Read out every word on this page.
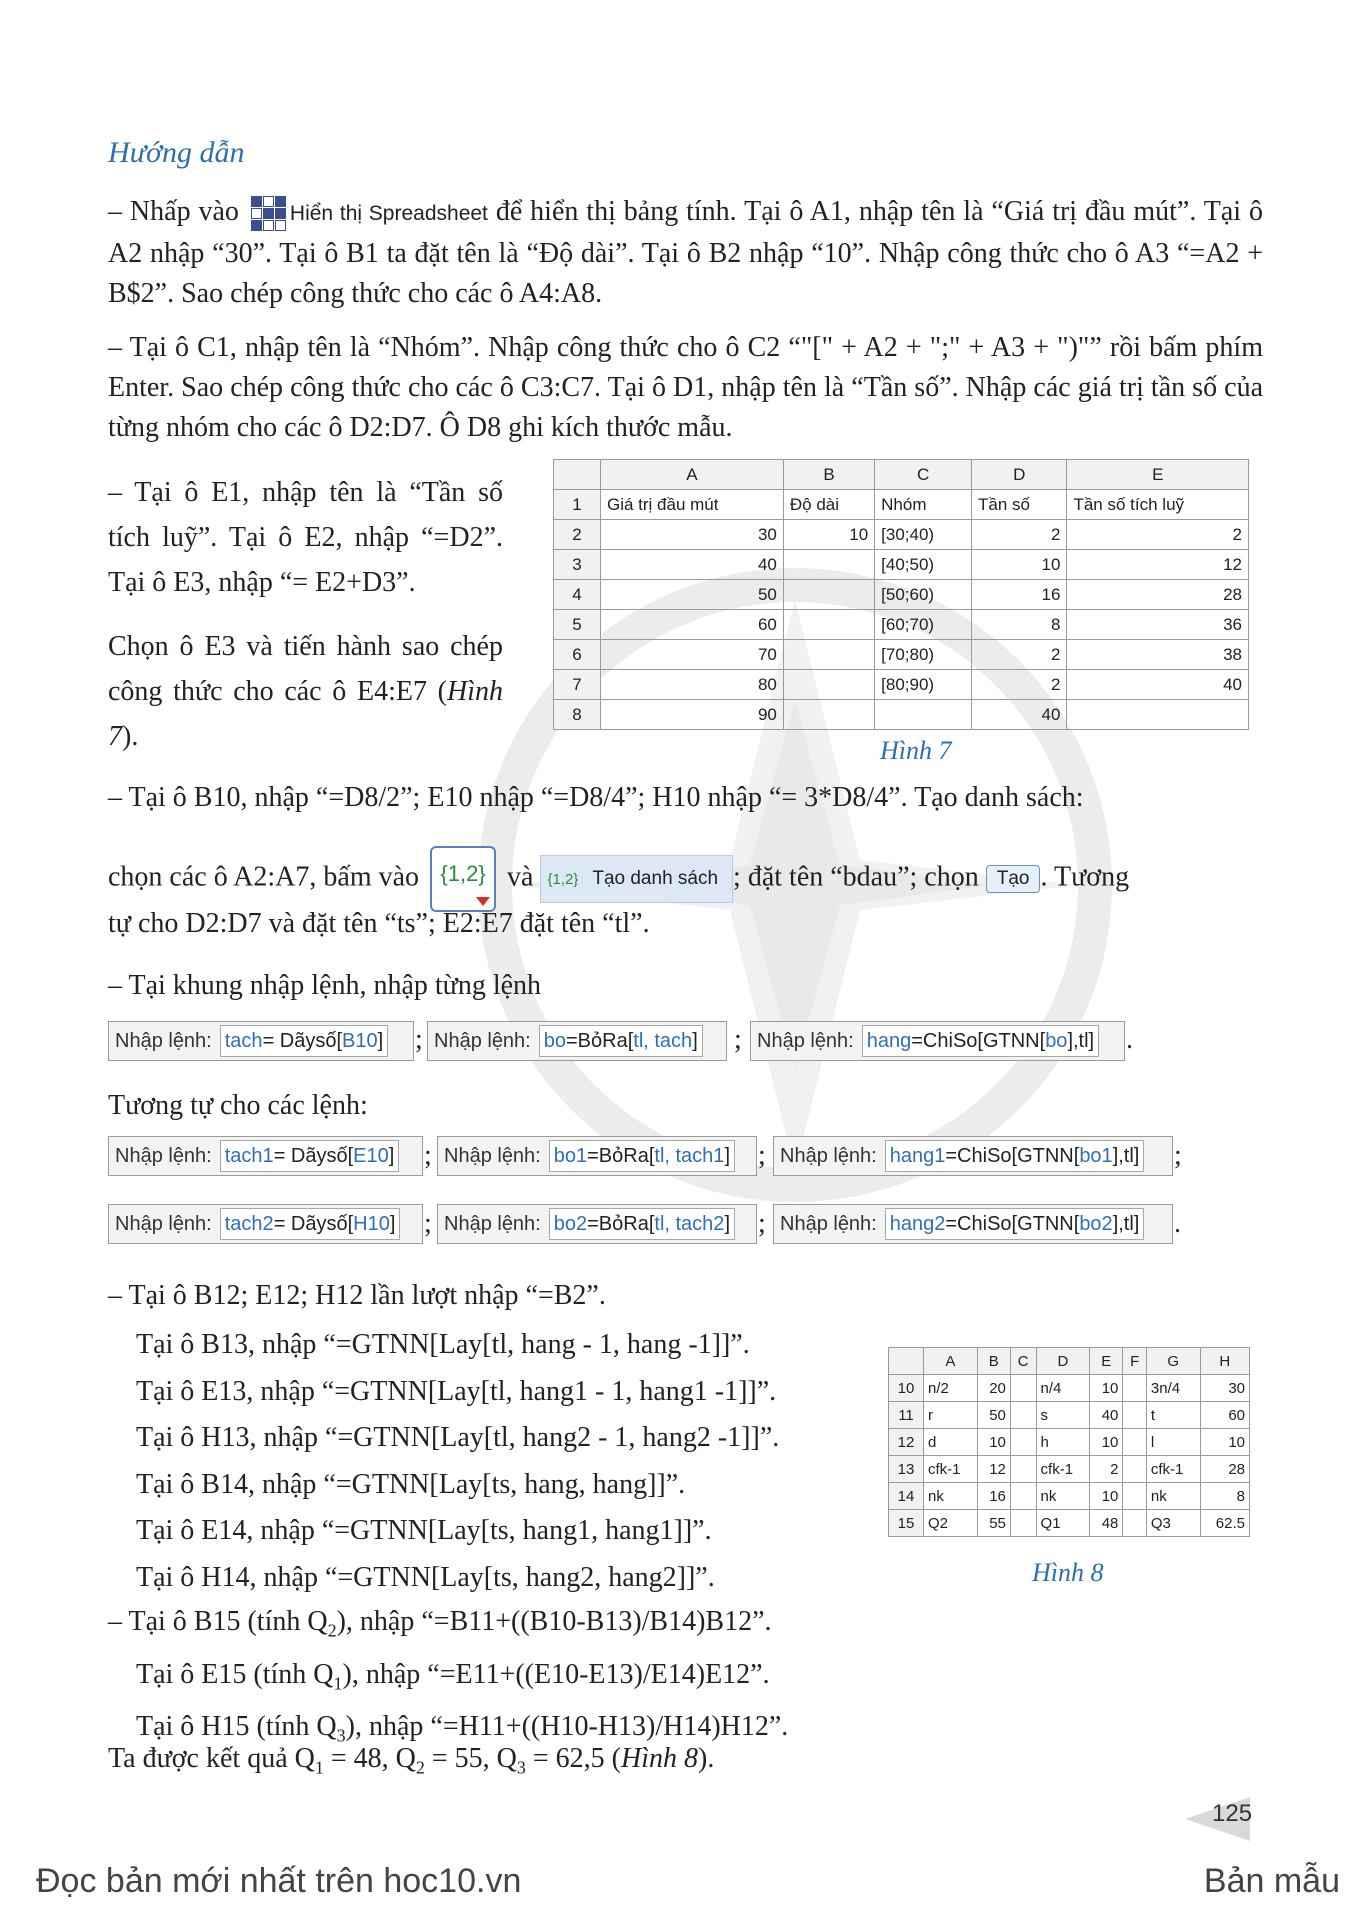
Hướng dẫn
– Nhấp vào Hiển thị Spreadsheet để hiển thị bảng tính. Tại ô A1, nhập tên là “Giá trị đầu mút”. Tại ô A2 nhập “30”. Tại ô B1 ta đặt tên là “Độ dài”. Tại ô B2 nhập “10”. Nhập công thức cho ô A3 “=A2 + B$2”. Sao chép công thức cho các ô A4:A8.
– Tại ô C1, nhập tên là “Nhóm”. Nhập công thức cho ô C2 “"[" + A2 + ";" + A3 + ")"” rồi bấm phím Enter. Sao chép công thức cho các ô C3:C7. Tại ô D1, nhập tên là “Tần số”. Nhập các giá trị tần số của từng nhóm cho các ô D2:D7. Ô D8 ghi kích thước mẫu.
– Tại ô E1, nhập tên là “Tần số tích luỹ”. Tại ô E2, nhập “=D2”. Tại ô E3, nhập “= E2+D3”.
Chọn ô E3 và tiến hành sao chép công thức cho các ô E4:E7 (Hình 7).
	A	B	C	D	E
1	Giá trị đầu mút	Độ dài	Nhóm	Tần số	Tần số tích luỹ
2	30	10	[30;40)	2	2
3	40		[40;50)	10	12
4	50		[50;60)	16	28
5	60		[60;70)	8	36
6	70		[70;80)	2	38
7	80		[80;90)	2	40
8	90			40	
Hình 7
– Tại ô B10, nhập “=D8/2”; E10 nhập “=D8/4”; H10 nhập “= 3*D8/4”. Tạo danh sách:
chọn các ô A2:A7, bấm vào {1,2} và {1,2} Tạo danh sách ; đặt tên “bdau”; chọn Tạo . Tương
tự cho D2:D7 và đặt tên “ts”; E2:E7 đặt tên “tl”.
– Tại khung nhập lệnh, nhập từng lệnh
Nhập lệnh: tach = Dãysố[ B10 ] ; Nhập lệnh: bo =BỏRa[ tl, tach ] ; Nhập lệnh: hang =ChiSo[GTNN[ bo ],tl] .
Tương tự cho các lệnh:
Nhập lệnh: tach1 = Dãysố[ E10 ] ; Nhập lệnh: bo1 =BỏRa[ tl, tach1 ] ; Nhập lệnh: hang1 =ChiSo[GTNN[ bo1 ],tl] ;
Nhập lệnh: tach2 = Dãysố[ H10 ] ; Nhập lệnh: bo2 =BỏRa[ tl, tach2 ] ; Nhập lệnh: hang2 =ChiSo[GTNN[ bo2 ],tl] .
– Tại ô B12; E12; H12 lần lượt nhập “=B2”.
Tại ô B13, nhập “=GTNN[Lay[tl, hang - 1, hang -1]]”.
Tại ô E13, nhập “=GTNN[Lay[tl, hang1 - 1, hang1 -1]]”.
Tại ô H13, nhập “=GTNN[Lay[tl, hang2 - 1, hang2 -1]]”.
Tại ô B14, nhập “=GTNN[Lay[ts, hang, hang]]”.
Tại ô E14, nhập “=GTNN[Lay[ts, hang1, hang1]]”.
Tại ô H14, nhập “=GTNN[Lay[ts, hang2, hang2]]”.
	A	B	C	D	E	F	G	H
10	n/2	20		n/4	10		3n/4	30
11	r	50		s	40		t	60
12	d	10		h	10		l	10
13	cfk-1	12		cfk-1	2		cfk-1	28
14	nk	16		nk	10		nk	8
15	Q2	55		Q1	48		Q3	62.5
Hình 8
– Tại ô B15 (tính $Q_2$), nhập “=B11+((B10-B13)/B14)B12”.
Tại ô E15 (tính $Q_1$), nhập “=E11+((E10-E13)/E14)E12”.
Tại ô H15 (tính $Q_3$), nhập “=H11+((H10-H13)/H14)H12”.
Ta được kết quả $Q_1 = 48$, $Q_2 = 55$, $Q_3 = 62,5$ (Hình 8).
125
Đọc bản mới nhất trên hoc10.vn	Bản mẫu
